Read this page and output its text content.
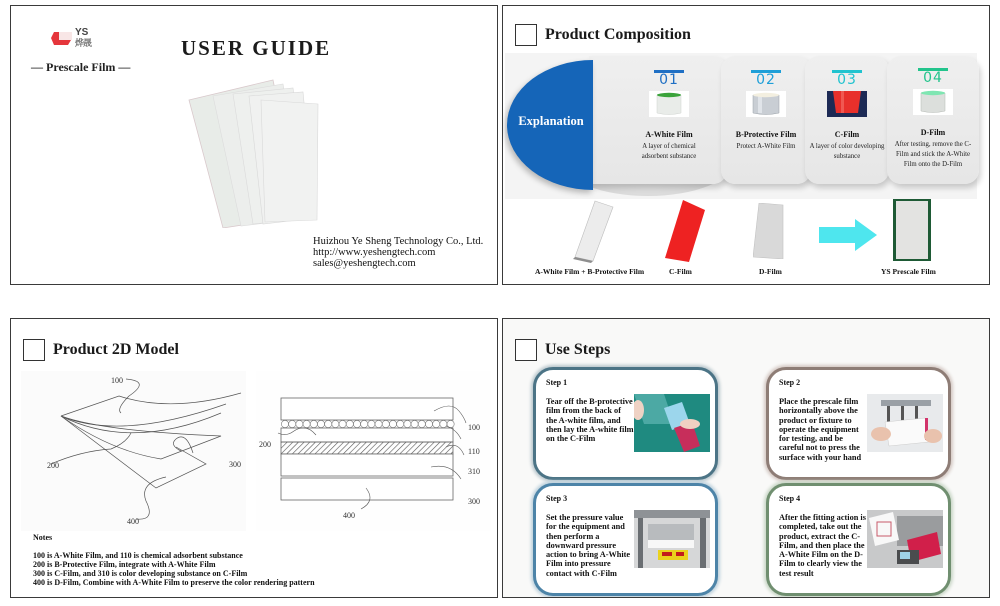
YS
烨晟
— Prescale Film —
USER GUIDE
Huizhou Ye Sheng Technology Co., Ltd.
http://www.yeshengtech.com
sales@yeshengtech.com
Product Composition
Explanation
01
A-White Film
A layer of chemical adsorbent substance
02
B-Protective Film
Protect A-White Film
03
C-Film
A layer of color developing substance
04
D-Film
After testing, remove the C-Film and stick the A-White Film onto the D-Film
A-White Film + B-Protective Film	C-Film	D-Film	YS Prescale Film
Product 2D Model
100
200	300
400
100
110
200
310
300
400
Notes
100 is A-White Film, and 110 is chemical adsorbent substance
200 is B-Protective Film, integrate with A-White Film
300 is C-Film, and 310 is color developing substance on C-Film
400 is D-Film, Combine with A-White Film to preserve the color rendering pattern
Use Steps
Step 1
Tear off the B-protective film from the back of the A-white film, and then lay the A-white film on the C-Film
Step 2
Place the prescale film horizontally above the product or fixture to operate the equipment for testing, and be careful not to press the surface with your hand
Step 3
Set the pressure value for the equipment and then perform a downward pressure action to bring A-White Film into pressure contact with C-Film
Step 4
After the fitting action is completed, take out the product, extract the C-Film, and then place the A-White Film on the D-Film to clearly view the test result
